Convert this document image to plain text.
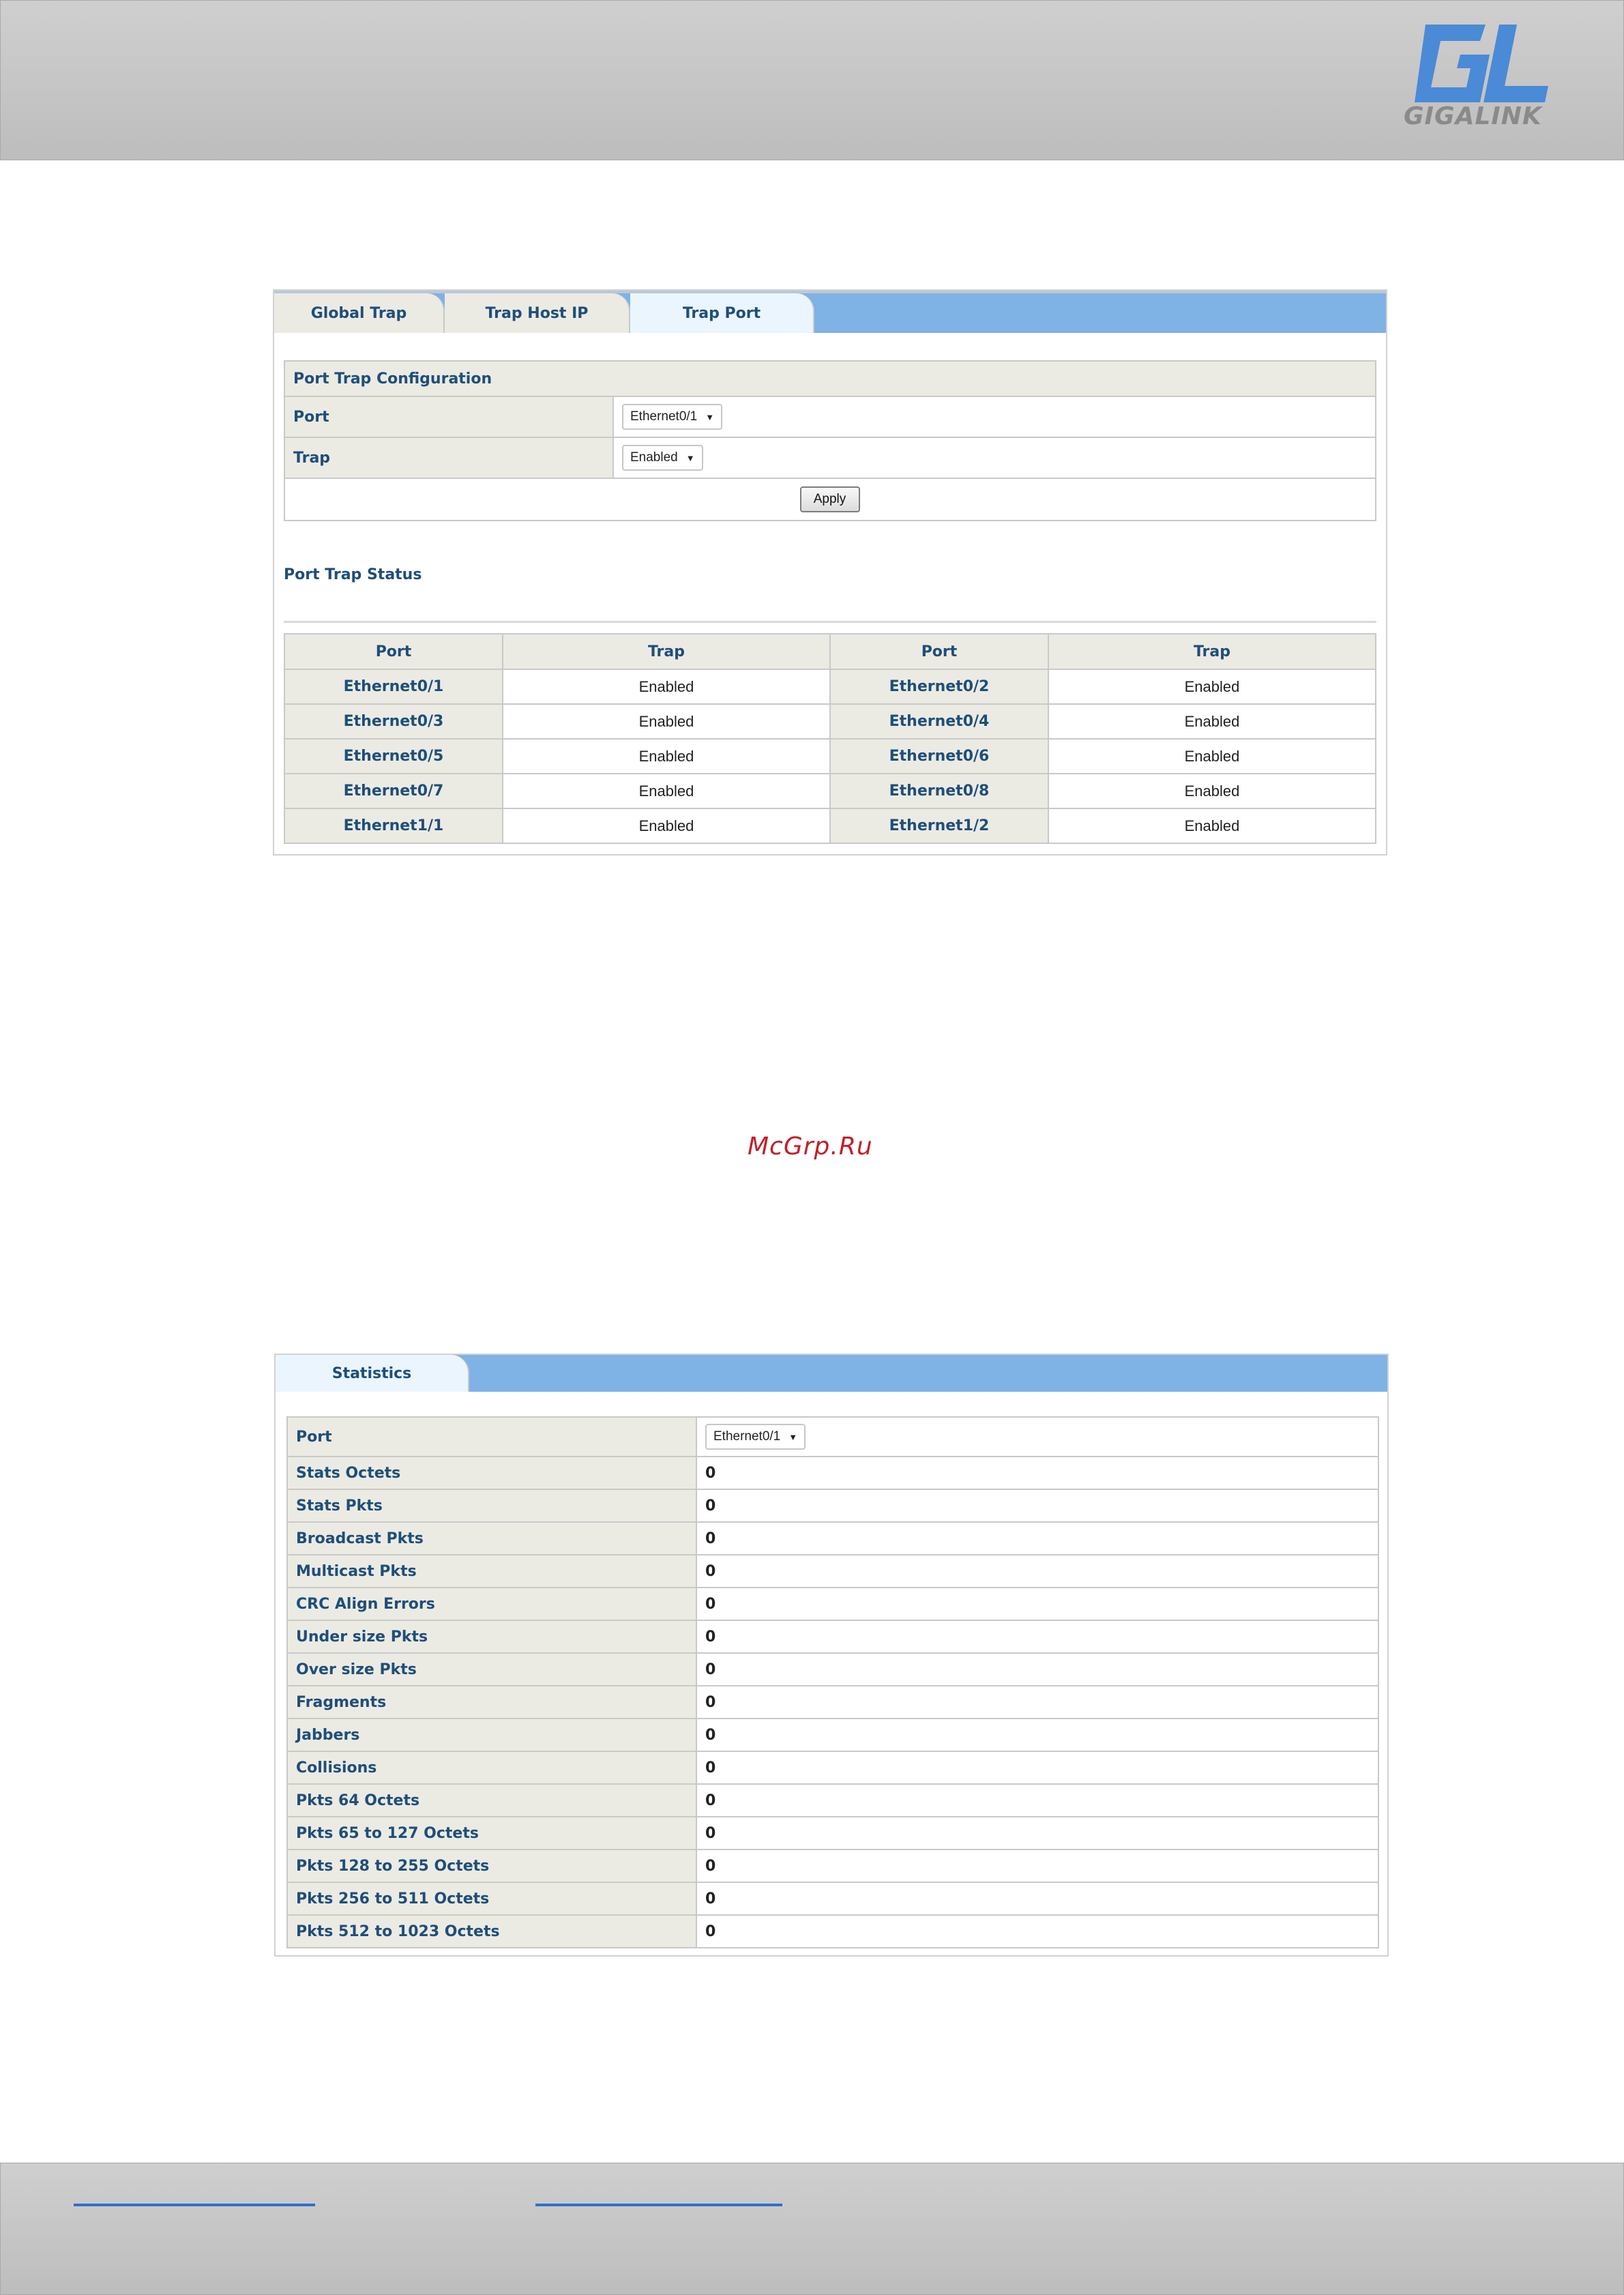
GIGALINK
Global Trap	Trap Host IP	Trap Port
Port Trap Configuration	
Port	Ethernet0/1 ▼

Trap	Enabled ▼

Apply	
Port Trap Status
Port	Trap	Port	Trap
Ethernet0/1	Enabled	Ethernet0/2	Enabled
Ethernet0/3	Enabled	Ethernet0/4	Enabled
Ethernet0/5	Enabled	Ethernet0/6	Enabled
Ethernet0/7	Enabled	Ethernet0/8	Enabled
Ethernet1/1	Enabled	Ethernet1/2	Enabled
McGrp.Ru
Statistics
Port	Ethernet0/1 ▼

Stats Octets	0
Stats Pkts	0
Broadcast Pkts	0
Multicast Pkts	0
CRC Align Errors	0
Under size Pkts	0
Over size Pkts	0
Fragments	0
Jabbers	0
Collisions	0
Pkts 64 Octets	0
Pkts 65 to 127 Octets	0
Pkts 128 to 255 Octets	0
Pkts 256 to 511 Octets	0
Pkts 512 to 1023 Octets	0
